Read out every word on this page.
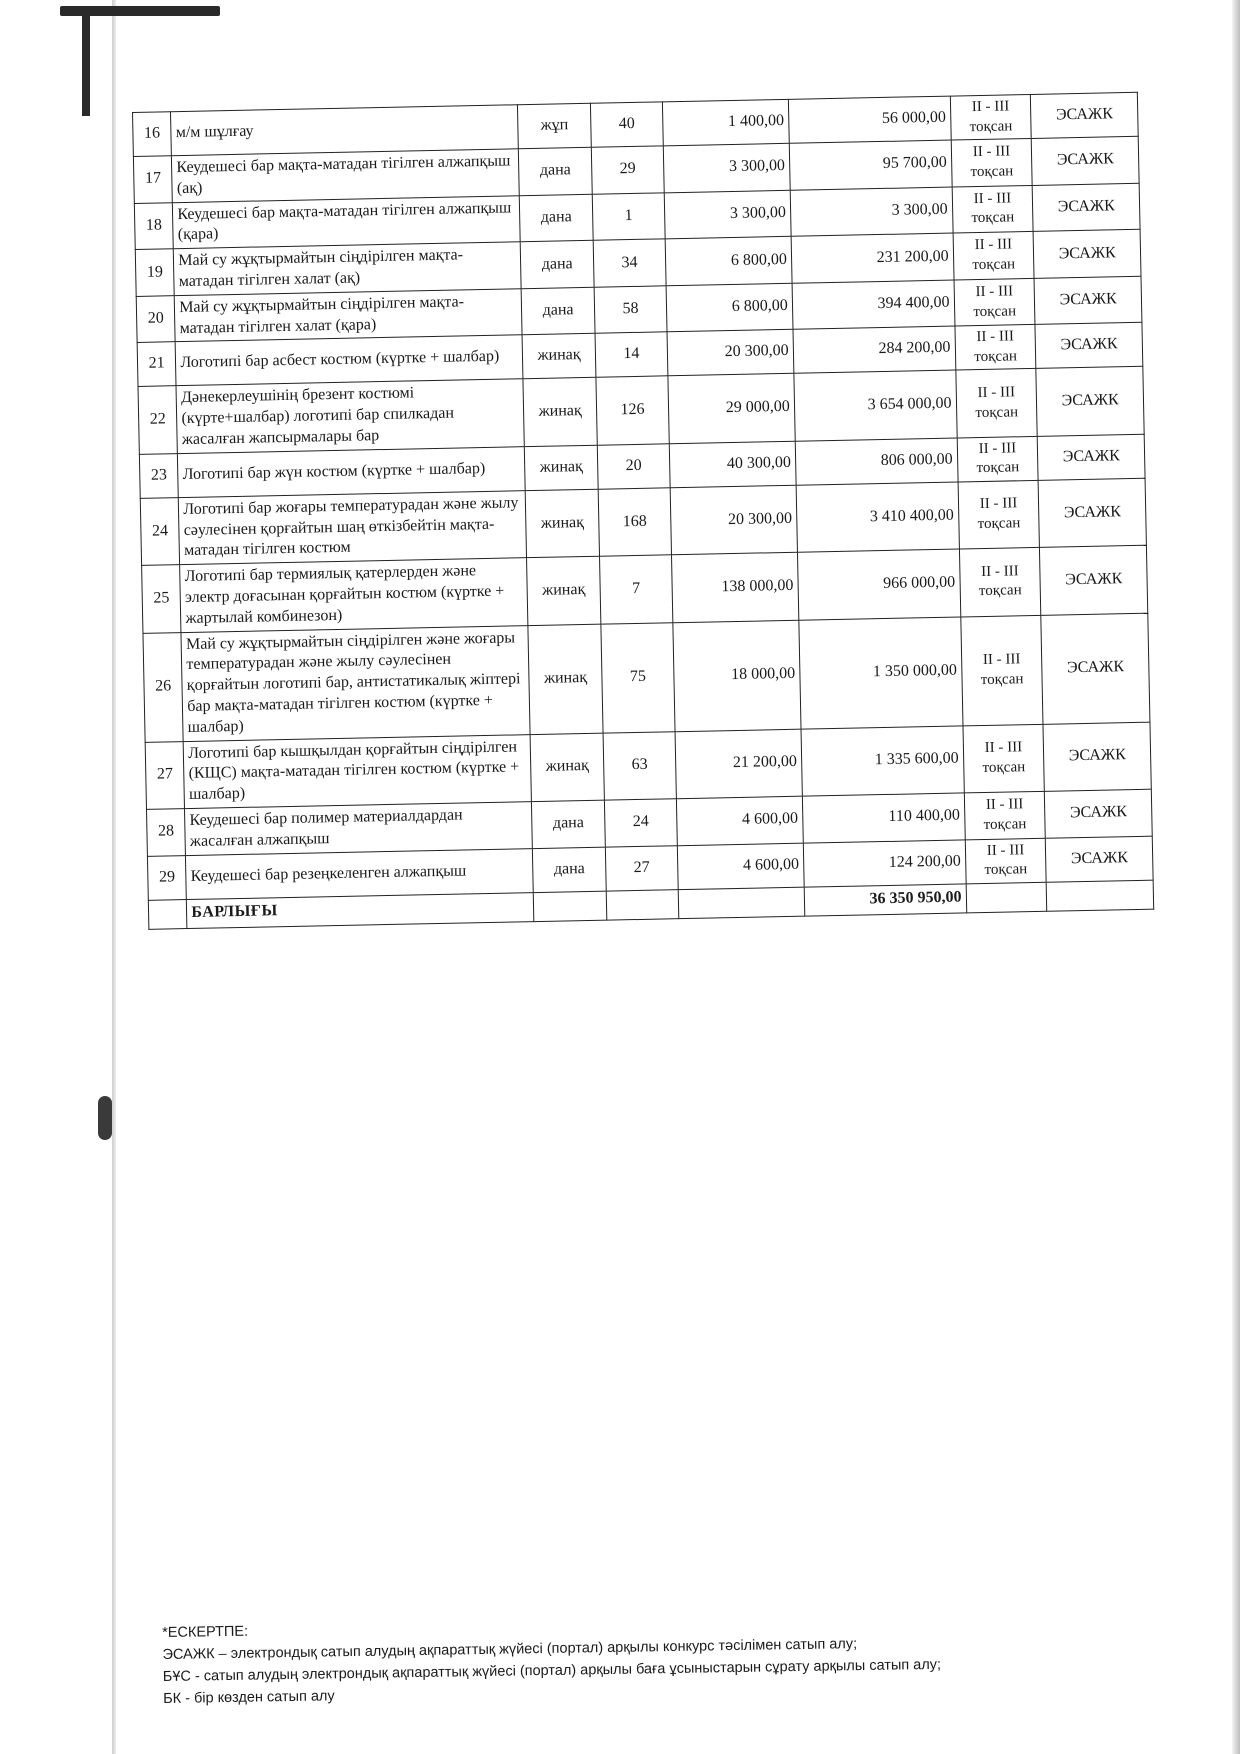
16	м/м шұлғау	жұп	40	1 400,00	56 000,00	II - III тоқсан	ЭСАЖК
17	Кеудешесі бар мақта-матадан тігілген алжапқыш (ақ)	дана	29	3 300,00	95 700,00	II - III тоқсан	ЭСАЖК
18	Кеудешесі бар мақта-матадан тігілген алжапқыш (қара)	дана	1	3 300,00	3 300,00	II - III тоқсан	ЭСАЖК
19	Май су жұқтырмайтын сіңдірілген мақта-матадан тігілген халат (ақ)	дана	34	6 800,00	231 200,00	II - III тоқсан	ЭСАЖК
20	Май су жұқтырмайтын сіңдірілген мақта-матадан тігілген халат (қара)	дана	58	6 800,00	394 400,00	II - III тоқсан	ЭСАЖК
21	Логотипі бар асбест костюм (күртке + шалбар)	жинақ	14	20 300,00	284 200,00	II - III тоқсан	ЭСАЖК
22	Дәнекерлеушінің брезент костюмі (күрте+шалбар) логотипі бар спилкадан жасалған жапсырмалары бар	жинақ	126	29 000,00	3 654 000,00	II - III тоқсан	ЭСАЖК
23	Логотипі бар жүн костюм (күртке + шалбар)	жинақ	20	40 300,00	806 000,00	II - III тоқсан	ЭСАЖК
24	Логотипі бар жоғары температурадан және жылу сәулесінен қорғайтын шаң өткізбейтін мақта-матадан тігілген костюм	жинақ	168	20 300,00	3 410 400,00	II - III тоқсан	ЭСАЖК
25	Логотипі бар термиялық қатерлерден және электр доғасынан қорғайтын костюм (күртке + жартылай комбинезон)	жинақ	7	138 000,00	966 000,00	II - III тоқсан	ЭСАЖК
26	Май су жұқтырмайтын сіңдірілген және жоғары температурадан және жылу сәулесінен қорғайтын логотипі бар, антистатикалық жіптері бар мақта-матадан тігілген костюм (күртке + шалбар)	жинақ	75	18 000,00	1 350 000,00	II - III тоқсан	ЭСАЖК
27	Логотипі бар кышқылдан қорғайтын сіңдірілген (КЩС) мақта-матадан тігілген костюм (күртке + шалбар)	жинақ	63	21 200,00	1 335 600,00	II - III тоқсан	ЭСАЖК
28	Кеудешесі бар полимер материалдардан жасалған алжапқыш	дана	24	4 600,00	110 400,00	II - III тоқсан	ЭСАЖК
29	Кеудешесі бар резеңкеленген алжапқыш	дана	27	4 600,00	124 200,00	II - III тоқсан	ЭСАЖК
	БАРЛЫҒЫ				36 350 950,00		
*ЕСКЕРТПЕ:
ЭСАЖК – электрондық сатып алудың ақпараттық жүйесі (портал) арқылы конкурс тәсілімен сатып алу;
БҰС - сатып алудың электрондық ақпараттық жүйесі (портал) арқылы баға ұсыныстарын сұрату арқылы сатып алу;
БК - бір көзден сатып алу
